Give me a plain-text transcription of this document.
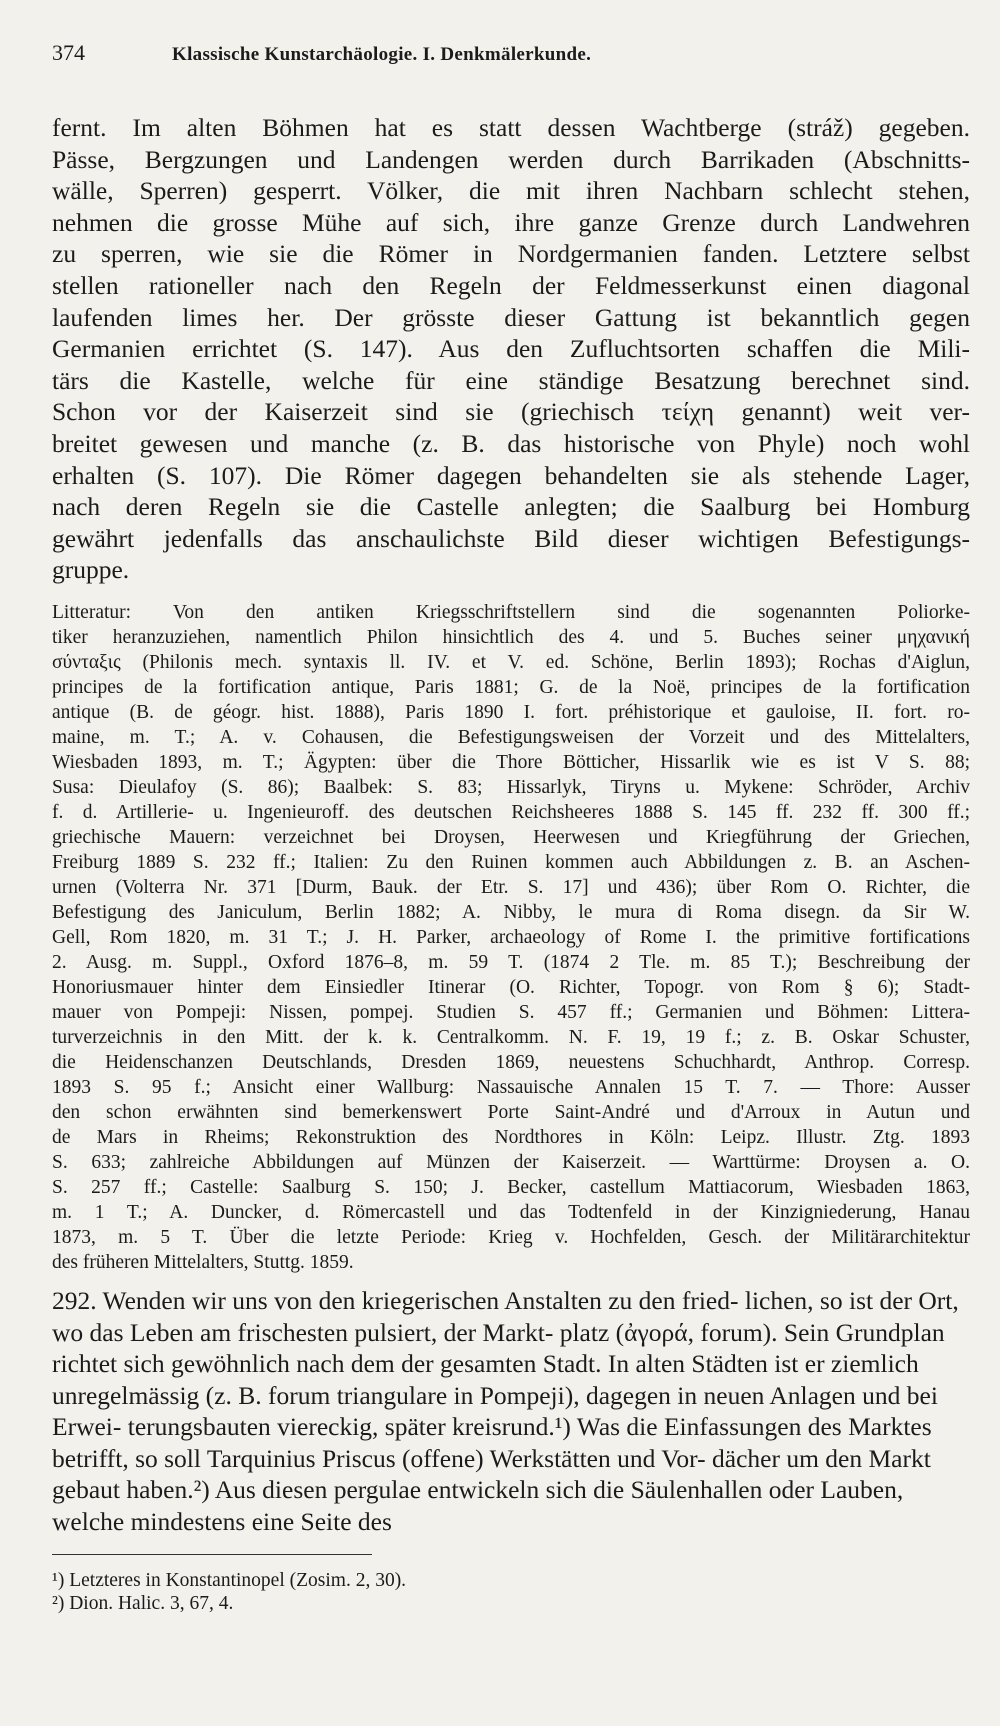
374	Klassische Kunstarchäologie. I. Denkmälerkunde.
fernt. Im alten Böhmen hat es statt dessen Wachtberge (stráž) gegeben.
Pässe, Bergzungen und Landengen werden durch Barrikaden (Abschnitts-
wälle, Sperren) gesperrt. Völker, die mit ihren Nachbarn schlecht stehen,
nehmen die grosse Mühe auf sich, ihre ganze Grenze durch Landwehren
zu sperren, wie sie die Römer in Nordgermanien fanden. Letztere selbst
stellen rationeller nach den Regeln der Feldmesserkunst einen diagonal
laufenden limes her. Der grösste dieser Gattung ist bekanntlich gegen
Germanien errichtet (S. 147). Aus den Zufluchtsorten schaffen die Mili-
tärs die Kastelle, welche für eine ständige Besatzung berechnet sind.
Schon vor der Kaiserzeit sind sie (griechisch τείχη genannt) weit ver-
breitet gewesen und manche (z. B. das historische von Phyle) noch wohl
erhalten (S. 107). Die Römer dagegen behandelten sie als stehende Lager,
nach deren Regeln sie die Castelle anlegten; die Saalburg bei Homburg
gewährt jedenfalls das anschaulichste Bild dieser wichtigen Befestigungs-
gruppe.
Litteratur: Von den antiken Kriegsschriftstellern sind die sogenannten Poliorke-
tiker heranzuziehen, namentlich Philon hinsichtlich des 4. und 5. Buches seiner μηχανική
σύνταξις (Philonis mech. syntaxis ll. IV. et V. ed. Schöne, Berlin 1893); Rochas d'Aiglun,
principes de la fortification antique, Paris 1881; G. de la Noë, principes de la fortification
antique (B. de géogr. hist. 1888), Paris 1890 I. fort. préhistorique et gauloise, II. fort. ro-
maine, m. T.; A. v. Cohausen, die Befestigungsweisen der Vorzeit und des Mittelalters,
Wiesbaden 1893, m. T.; Ägypten: über die Thore Bötticher, Hissarlik wie es ist V S. 88;
Susa: Dieulafoy (S. 86); Baalbek: S. 83; Hissarlyk, Tiryns u. Mykene: Schröder, Archiv
f. d. Artillerie- u. Ingenieuroff. des deutschen Reichsheeres 1888 S. 145 ff. 232 ff. 300 ff.;
griechische Mauern: verzeichnet bei Droysen, Heerwesen und Kriegführung der Griechen,
Freiburg 1889 S. 232 ff.; Italien: Zu den Ruinen kommen auch Abbildungen z. B. an Aschen-
urnen (Volterra Nr. 371 [Durm, Bauk. der Etr. S. 17] und 436); über Rom O. Richter, die
Befestigung des Janiculum, Berlin 1882; A. Nibby, le mura di Roma disegn. da Sir W.
Gell, Rom 1820, m. 31 T.; J. H. Parker, archaeology of Rome I. the primitive fortifications
2. Ausg. m. Suppl., Oxford 1876–8, m. 59 T. (1874 2 Tle. m. 85 T.); Beschreibung der
Honoriusmauer hinter dem Einsiedler Itinerar (O. Richter, Topogr. von Rom § 6); Stadt-
mauer von Pompeji: Nissen, pompej. Studien S. 457 ff.; Germanien und Böhmen: Littera-
turverzeichnis in den Mitt. der k. k. Centralkomm. N. F. 19, 19 f.; z. B. Oskar Schuster,
die Heidenschanzen Deutschlands, Dresden 1869, neuestens Schuchhardt, Anthrop. Corresp.
1893 S. 95 f.; Ansicht einer Wallburg: Nassauische Annalen 15 T. 7. — Thore: Ausser
den schon erwähnten sind bemerkenswert Porte Saint-André und d'Arroux in Autun und
de Mars in Rheims; Rekonstruktion des Nordthores in Köln: Leipz. Illustr. Ztg. 1893
S. 633; zahlreiche Abbildungen auf Münzen der Kaiserzeit. — Warttürme: Droysen a. O.
S. 257 ff.; Castelle: Saalburg S. 150; J. Becker, castellum Mattiacorum, Wiesbaden 1863,
m. 1 T.; A. Duncker, d. Römercastell und das Todtenfeld in der Kinzigniederung, Hanau
1873, m. 5 T. Über die letzte Periode: Krieg v. Hochfelden, Gesch. der Militärarchitektur
des früheren Mittelalters, Stuttg. 1859.
292. Wenden wir uns von den kriegerischen Anstalten zu den fried- lichen, so ist der Ort, wo das Leben am frischesten pulsiert, der Markt- platz (ἀγορά, forum). Sein Grundplan richtet sich gewöhnlich nach dem der gesamten Stadt. In alten Städten ist er ziemlich unregelmässig (z. B. forum triangulare in Pompeji), dagegen in neuen Anlagen und bei Erwei- terungsbauten viereckig, später kreisrund.¹) Was die Einfassungen des Marktes betrifft, so soll Tarquinius Priscus (offene) Werkstätten und Vor- dächer um den Markt gebaut haben.²) Aus diesen pergulae entwickeln sich die Säulenhallen oder Lauben, welche mindestens eine Seite des
¹) Letzteres in Konstantinopel (Zosim. 2, 30).
²) Dion. Halic. 3, 67, 4.
